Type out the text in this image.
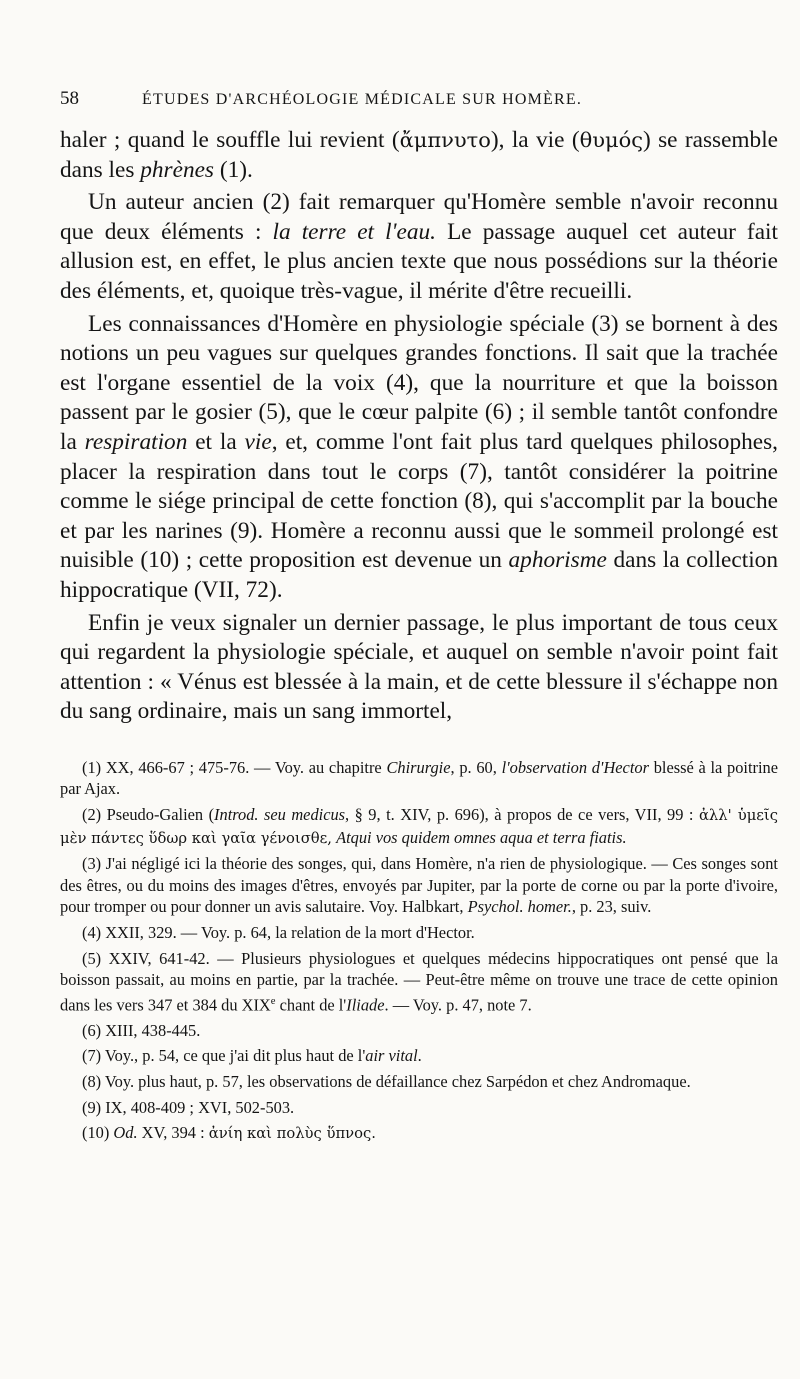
58	ÉTUDES D'ARCHÉOLOGIE MÉDICALE SUR HOMÈRE.

haler ; quand le souffle lui revient (ἄμπνυτο), la vie (θυμός) se rassemble dans les phrènes (1).

Un auteur ancien (2) fait remarquer qu'Homère semble n'avoir reconnu que deux éléments : la terre et l'eau. Le passage auquel cet auteur fait allusion est, en effet, le plus ancien texte que nous possédions sur la théorie des éléments, et, quoique très-vague, il mérite d'être recueilli.

Les connaissances d'Homère en physiologie spéciale (3) se bornent à des notions un peu vagues sur quelques grandes fonctions. Il sait que la trachée est l'organe essentiel de la voix (4), que la nourriture et que la boisson passent par le gosier (5), que le cœur palpite (6) ; il semble tantôt confondre la respiration et la vie, et, comme l'ont fait plus tard quelques philosophes, placer la respiration dans tout le corps (7), tantôt considérer la poitrine comme le siége principal de cette fonction (8), qui s'accomplit par la bouche et par les narines (9). Homère a reconnu aussi que le sommeil prolongé est nuisible (10) ; cette proposition est devenue un aphorisme dans la collection hippocratique (VII, 72).

Enfin je veux signaler un dernier passage, le plus important de tous ceux qui regardent la physiologie spéciale, et auquel on semble n'avoir point fait attention : « Vénus est blessée à la main, et de cette blessure il s'échappe non du sang ordinaire, mais un sang immortel,

(1) XX, 466-67 ; 475-76. — Voy. au chapitre Chirurgie, p. 60, l'observation d'Hector blessé à la poitrine par Ajax.

(2) Pseudo-Galien (Introd. seu medicus, § 9, t. XIV, p. 696), à propos de ce vers, VII, 99 : ἀλλ' ὑμεῖς μὲν πάντες ὕδωρ καὶ γαῖα γένοισθε, Atqui vos quidem omnes aqua et terra fiatis.

(3) J'ai négligé ici la théorie des songes, qui, dans Homère, n'a rien de physiologique. — Ces songes sont des êtres, ou du moins des images d'êtres, envoyés par Jupiter, par la porte de corne ou par la porte d'ivoire, pour tromper ou pour donner un avis salutaire. Voy. Halbkart, Psychol. homer., p. 23, suiv.

(4) XXII, 329. — Voy. p. 64, la relation de la mort d'Hector.

(5) XXIV, 641-42. — Plusieurs physiologues et quelques médecins hippocratiques ont pensé que la boisson passait, au moins en partie, par la trachée. — Peut-être même on trouve une trace de cette opinion dans les vers 347 et 384 du XIXe chant de l'Iliade. — Voy. p. 47, note 7.

(6) XIII, 438-445.

(7) Voy., p. 54, ce que j'ai dit plus haut de l'air vital.

(8) Voy. plus haut, p. 57, les observations de défaillance chez Sarpédon et chez Andromaque.

(9) IX, 408-409 ; XVI, 502-503.

(10) Od. XV, 394 : ἀνίη καὶ πολὺς ὕπνος.
